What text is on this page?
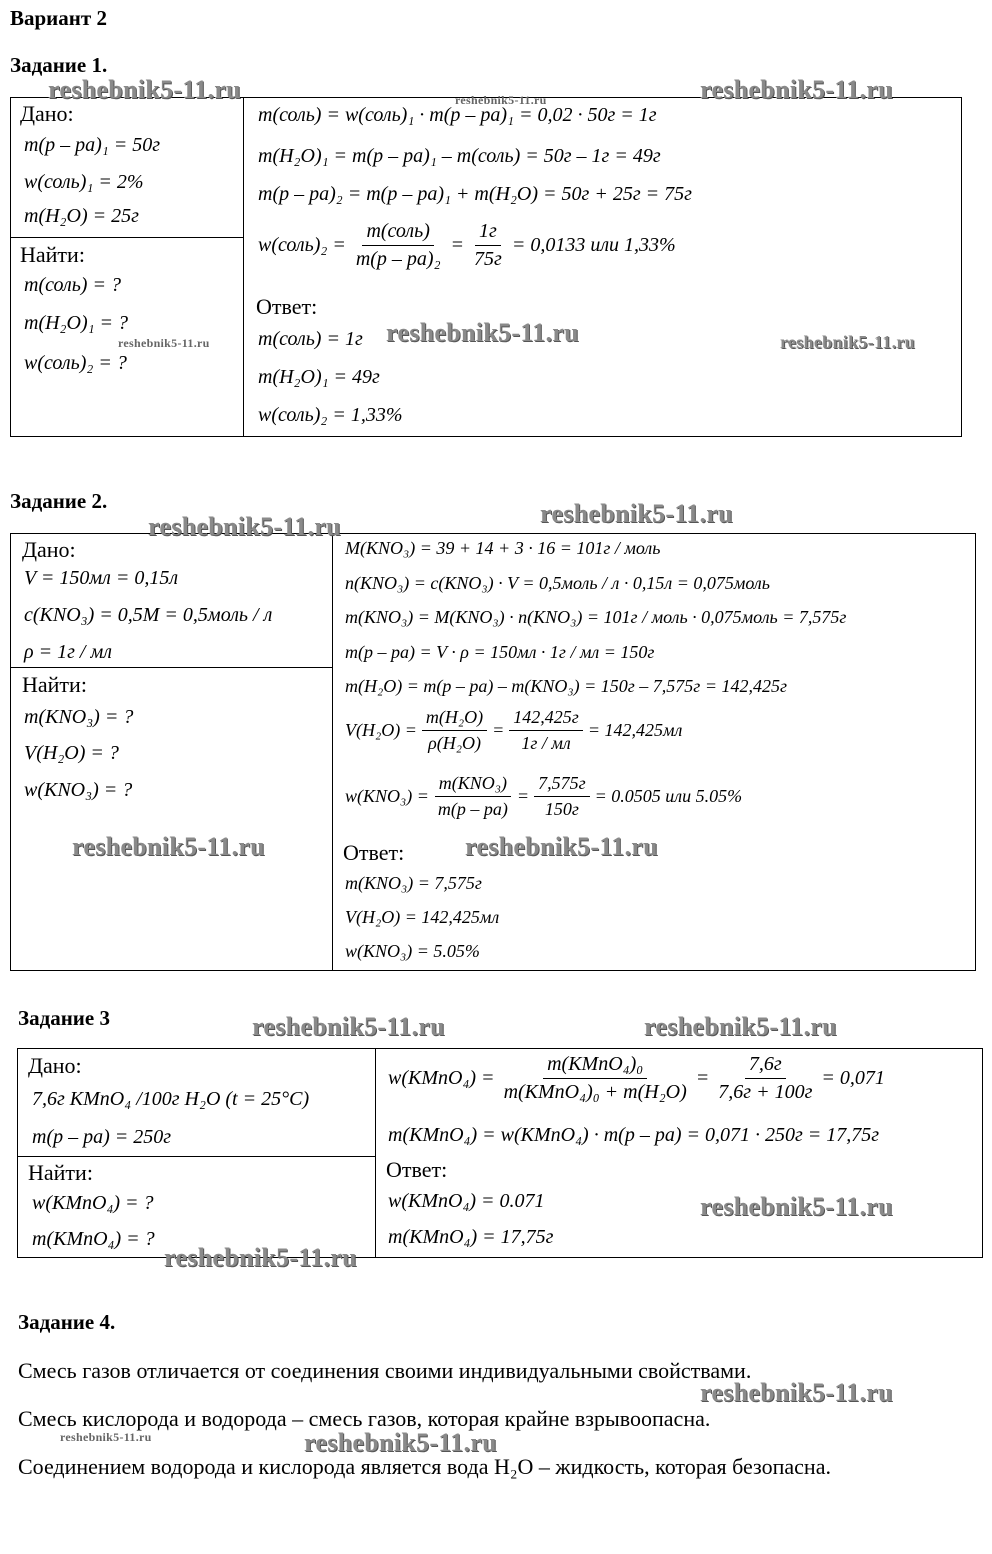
Вариант 2
Задание 1.
Дано:
m(р – ра)₁ = 50г
w(соль)₁ = 2%
m(H₂O) = 25г
Найти:
m(соль) = ?
m(H₂O)₁ = ?
w(соль)₂ = ?
m(соль) = w(соль)₁ · m(р – ра)₁ = 0,02 · 50г = 1г
m(H₂O)₁ = m(р – ра)₁ – m(соль) = 50г – 1г = 49г
m(р – ра)₂ = m(р – ра)₁ + m(H₂O) = 50г + 25г = 75г
w(соль)₂ = $\frac{\text{m(соль)}}{\text{m(р – ра)₂}} = \frac{1г}{75г} = 0,0133$ или 1,33%
Ответ:
m(соль) = 1г
m(H₂O)₁ = 49г
w(соль)₂ = 1,33%
Задание 2.
Дано:
V = 150мл = 0,15л
c(KNO₃) = 0,5M = 0,5моль / л
ρ = 1г / мл
Найти:
m(KNO₃) = ?
V(H₂O) = ?
w(KNO₃) = ?
M(KNO₃) = 39 + 14 + 3 · 16 = 101г / моль
n(KNO₃) = c(KNO₃) · V = 0,5моль / л · 0,15л = 0,075моль
m(KNO₃) = M(KNO₃) · n(KNO₃) = 101г / моль · 0,075моль = 7,575г
m(р – ра) = V · ρ = 150мл · 1г / мл = 150г
m(H₂O) = m(р – ра) – m(KNO₃) = 150г – 7,575г = 142,425г
$V(H_2O) = \frac{\text{m(H₂O)}}{\text{ρ(H₂O)}} = \frac{142,425г}{1г / мл} = 142,425мл$
$w(KNO_3) = \frac{\text{m(KNO₃)}}{m(р - ра)} = \frac{7,575г}{150г} = 0.0505$ или 5.05%
Ответ:
m(KNO₃) = 7,575г
V(H₂O) = 142,425мл
w(KNO₃) = 5.05%
Задание 3
Дано:
7,6г KMnO₄ /100г H₂O (t = 25°C)
m(р – ра) = 250г
Найти:
w(KMnO₄) = ?
m(KMnO₄) = ?
w(KMnO₄) = $\frac{\text{m(KMnO₄)₀}}{\text{m(KMnO₄)₀ + m(H₂O)}} = \frac{7,6г}{7,6г + 100г} = 0,071$
m(KMnO₄) = w(KMnO₄) · m(р – ра) = 0,071 · 250г = 17,75г
Ответ:
w(KMnO₄) = 0.071
m(KMnO₄) = 17,75г
Задание 4.
Смесь газов отличается от соединения своими индивидуальными свойствами.
Смесь кислорода и водорода – смесь газов, которая крайне взрывоопасна.
Соединением водорода и кислорода является вода H₂O – жидкость, которая безопасна.
reshebnik5-11.ru	reshebnik5-11.ru	reshebnik5-11.ru
reshebnik5-11.ru	reshebnik5-11.ru	reshebnik5-11.ru
reshebnik5-11.ru	reshebnik5-11.ru
reshebnik5-11.ru	reshebnik5-11.ru
reshebnik5-11.ru	reshebnik5-11.ru
reshebnik5-11.ru
reshebnik5-11.ru
reshebnik5-11.ru
reshebnik5-11.ru	reshebnik5-11.ru
